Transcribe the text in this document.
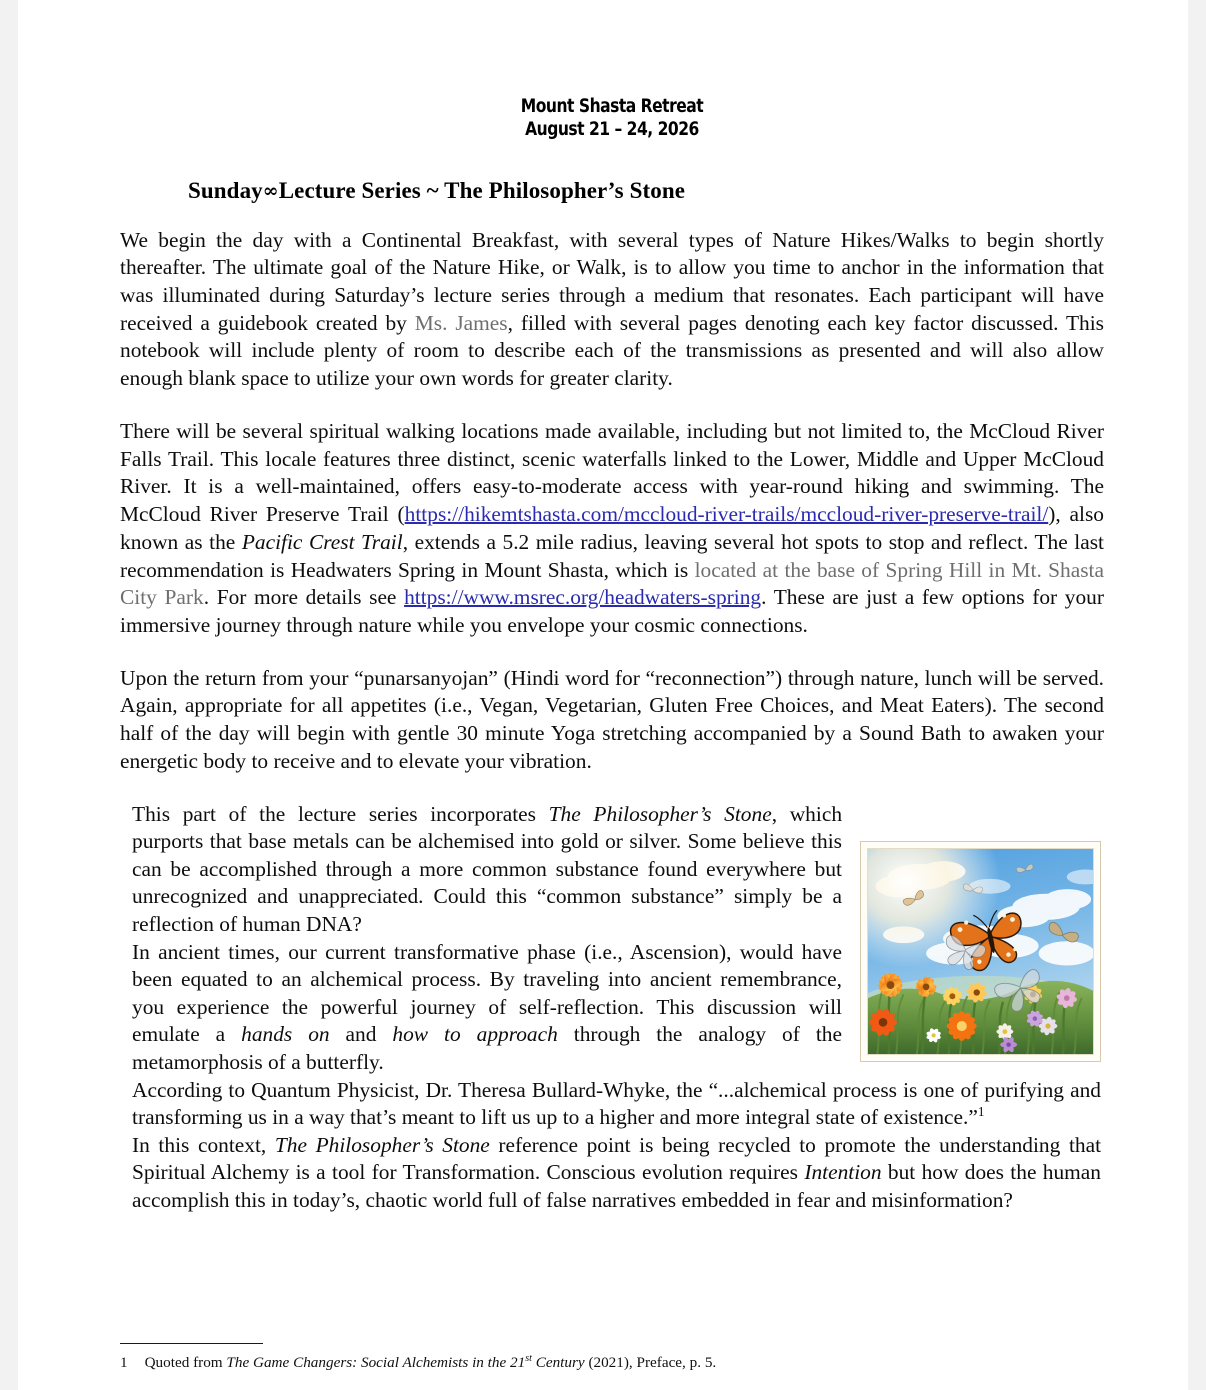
Mount Shasta Retreat
August 21 – 24, 2026
Sunday∞Lecture Series ~ The Philosopher’s Stone

We begin the day with a Continental Breakfast, with several types of Nature Hikes/Walks to begin shortly thereafter. The ultimate goal of the Nature Hike, or Walk, is to allow you time to anchor in the information that was illuminated during Saturday’s lecture series through a medium that resonates. Each participant will have received a guidebook created by Ms. James, filled with several pages denoting each key factor discussed. This notebook will include plenty of room to describe each of the transmissions as presented and will also allow enough blank space to utilize your own words for greater clarity.

There will be several spiritual walking locations made available, including but not limited to, the McCloud River Falls Trail. This locale features three distinct, scenic waterfalls linked to the Lower, Middle and Upper McCloud River. It is a well-maintained, offers easy-to-moderate access with year-round hiking and swimming. The McCloud River Preserve Trail (https://hikemtshasta.com/mccloud-river-trails/mccloud-river-preserve-trail/), also known as the Pacific Crest Trail, extends a 5.2 mile radius, leaving several hot spots to stop and reflect. The last recommendation is Headwaters Spring in Mount Shasta, which is located at the base of Spring Hill in Mt. Shasta City Park. For more details see https://www.msrec.org/headwaters-spring. These are just a few options for your immersive journey through nature while you envelope your cosmic connections.

Upon the return from your “punarsanyojan” (Hindi word for “reconnection”) through nature, lunch will be served. Again, appropriate for all appetites (i.e., Vegan, Vegetarian, Gluten Free Choices, and Meat Eaters). The second half of the day will begin with gentle 30 minute Yoga stretching accompanied by a Sound Bath to awaken your energetic body to receive and to elevate your vibration.

This part of the lecture series incorporates The Philosopher’s Stone, which purports that base metals can be alchemised into gold or silver. Some believe this can be accomplished through a more common substance found everywhere but unrecognized and unappreciated. Could this “common substance” simply be a reflection of human DNA?

In ancient times, our current transformative phase (i.e., Ascension), would have been equated to an alchemical process. By traveling into ancient remembrance, you experience the powerful journey of self-reflection. This discussion will emulate a hands on and how to approach through the analogy of the metamorphosis of a butterfly.

According to Quantum Physicist, Dr. Theresa Bullard-Whyke, the “...alchemical process is one of purifying and transforming us in a way that’s meant to lift us up to a higher and more integral state of existence.”$^1$

In this context, The Philosopher’s Stone reference point is being recycled to promote the understanding that Spiritual Alchemy is a tool for Transformation. Conscious evolution requires Intention but how does the human accomplish this in today’s, chaotic world full of false narratives embedded in fear and misinformation?

1 Quoted from The Game Changers: Social Alchemists in the 21st Century (2021), Preface, p. 5.
